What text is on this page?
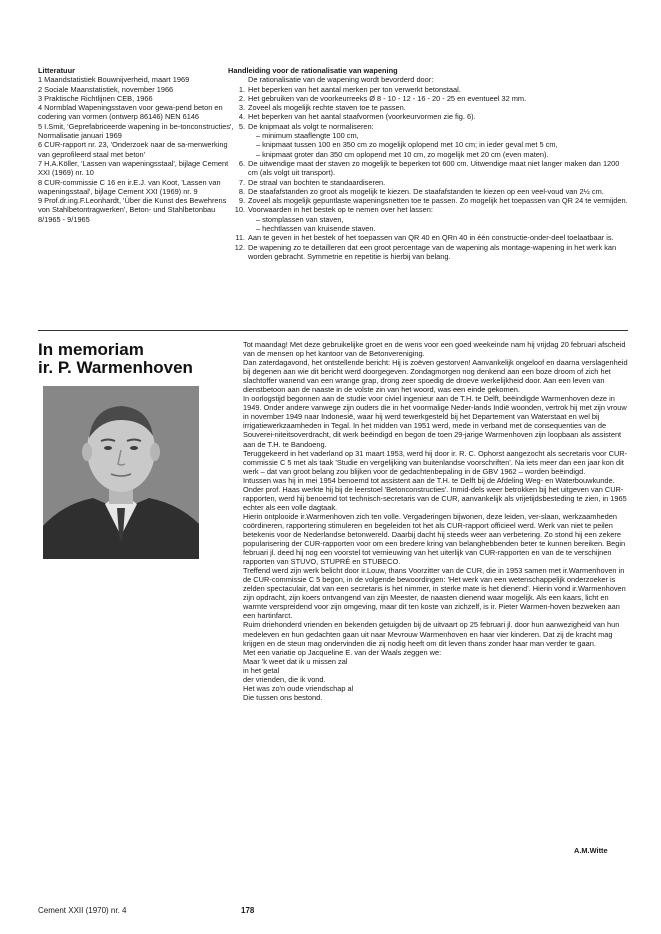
Litteratuur

1 Maandstatistiek Bouwnijverheid, maart 1969

2 Sociale Maanstatistiek, november 1966

3 Praktische Richtlijnen CEB, 1966

4 Normblad Wapeningsstaven voor gewa-pend beton en codering van vormen (ontwerp 86146) NEN 6146

5 I.Smit, 'Geprefabriceerde wapening in be-tonconstructies', Normalisatie januari 1969

6 CUR-rapport nr. 23, 'Onderzoek naar de sa-menwerking van geprofileerd staal met beton'

7 H.A.Köller, 'Lassen van wapeningsstaal', bijlage Cement XXI (1969) nr. 10

8 CUR-commissie C 16 en ir.E.J. van Koot, 'Lassen van wapeningsstaal', bijlage Cement XXI (1969) nr. 9

9 Prof.dr.ing.F.Leonhardt, 'Über die Kunst des Bewehrens von Stahlbetontragwerken', Beton- und Stahlbetonbau 8/1965 - 9/1965

Handleiding voor de rationalisatie van wapening

De rationalisatie van de wapening wordt bevorderd door:

1. Het beperken van het aantal merken per ton verwerkt betonstaal.
2. Het gebruiken van de voorkeurreeks Ø 8 - 10 - 12 - 16 - 20 - 25 en eventueel 32 mm.
3. Zoveel als mogelijk rechte staven toe te passen.
4. Het beperken van het aantal staafvormen (voorkeurvormen zie fig. 6).
5. De knipmaat als volgt te normaliseren:
– minimum staaflengte 100 cm,
– knipmaat tussen 100 en 350 cm zo mogelijk oplopend met 10 cm; in ieder geval met 5 cm,
– knipmaat groter dan 350 cm oplopend met 10 cm, zo mogelijk met 20 cm (even maten).
6. De uitwendige maat der staven zo mogelijk te beperken tot 600 cm. Uitwendige maat niet langer maken dan 1200 cm (als volgt uit transport).
7. De straal van bochten te standaardiseren.
8. De staafafstanden zo groot als mogelijk te kiezen. De staafafstanden te kiezen op een veel-voud van 2½ cm.
9. Zoveel als mogelijk gepuntlaste wapeningsnetten toe te passen. Zo mogelijk het toepassen van QR 24 te vermijden.
10. Voorwaarden in het bestek op te nemen over het lassen:
– stomplassen van staven,
– hechtlassen van kruisende staven.
11. Aan te geven in het bestek of het toepassen van QR 40 en QRn 40 in één constructie-onder-deel toelaatbaar is.
12. De wapening zo te detailleren dat een groot percentage van de wapening als montage-wapening in het werk kan worden gebracht. Symmetrie en repetitie is hierbij van belang.
In memoriam
ir. P. Warmenhoven

Tot maandag! Met deze gebruikelijke groet en de wens voor een goed weekeinde nam hij vrijdag 20 februari afscheid van de mensen op het kantoor van de Betonvereniging.

Dan zaterdagavond, het ontstellende bericht: Hij is zoëven gestorven! Aanvankelijk ongeloof en daarna verslagenheid bij degenen aan wie dit bericht werd doorgegeven. Zondagmorgen nog denkend aan een boze droom of zich het slachtoffer wanend van een wrange grap, drong zeer spoedig de droeve werkelijkheid door. Aan een leven van dienstbetoon aan de naaste in de volste zin van het woord, was een einde gekomen.

In oorlogstijd begonnen aan de studie voor civiel ingenieur aan de T.H. te Delft, beëindigde Warmenhoven deze in 1949. Onder andere vanwege zijn ouders die in het voormalige Neder-lands Indië woonden, vertrok hij met zijn vrouw in november 1949 naar Indonesië, waar hij werd tewerkgesteld bij het Departement van Waterstaat en wel bij irrigatiewerkzaamheden in Tegal. In het midden van 1951 werd, mede in verband met de consequenties van de Souverei-niteitsoverdracht, dit werk beëindigd en begon de toen 29-jarige Warmenhoven zijn loopbaan als assistent aan de T.H. te Bandoeng.

Teruggekeerd in het vaderland op 31 maart 1953, werd hij door ir. R. C. Ophorst aangezocht als secretaris voor CUR-commissie C 5 met als taak 'Studie en vergelijking van buitenlandse voorschriften'. Na iets meer dan een jaar kon dit werk – dat van groot belang zou blijken voor de gedachtenbepaling in de GBV 1962 – worden beëindigd.

Intussen was hij in mei 1954 benoemd tot assistent aan de T.H. te Delft bij de Afdeling Weg- en Waterbouwkunde. Onder prof. Haas werkte hij bij de leerstoel 'Betonconstructies'. Inmid-dels weer betrokken bij het uitgeven van CUR-rapporten, werd hij benoemd tot technisch-secretaris van de CUR, aanvankelijk als vrijetijdsbesteding te zien, in 1965 echter als een volle dagtaak.

Hierin ontplooide ir.Warmenhoven zich ten volle. Vergaderingen bijwonen, deze leiden, ver-slaan, werkzaamheden coördineren, rapportering stimuleren en begeleiden tot het als CUR-rapport officieel werd. Werk van niet te peilen betekenis voor de Nederlandse betonwereld. Daarbij dacht hij steeds weer aan verbetering. Zo stond hij een zekere popularisering der CUR-rapporten voor om een bredere kring van belanghebbenden beter te kunnen bereiken. Begin februari jl. deed hij nog een voorstel tot vernieuwing van het uiterlijk van CUR-rapporten en van de te verschijnen rapporten van STUVO, STUPRÉ en STUBECO.

Treffend werd zijn werk belicht door ir.Louw, thans Voorzitter van de CUR, die in 1953 samen met ir.Warmenhoven in de CUR-commissie C 5 begon, in de volgende bewoordingen: 'Het werk van een wetenschappelijk onderzoeker is zelden spectaculair, dat van een secretaris is het nimmer, in sterke mate is het dienend'. Hierin vond ir.Warmenhoven zijn opdracht, zijn koers ontvangend van zijn Meester, de naasten dienend waar mogelijk. Als een kaars, licht en warmte verspreidend voor zijn omgeving, maar dit ten koste van zichzelf, is ir. Pieter Warmen-hoven bezweken aan een hartinfarct.

Ruim driehonderd vrienden en bekenden getuigden bij de uitvaart op 25 februari jl. door hun aanwezigheid van hun medeleven en hun gedachten gaan uit naar Mevrouw Warmenhoven en haar vier kinderen. Dat zij de kracht mag krijgen en de steun mag ondervinden die zij nodig heeft om dit leven thans zonder haar man verder te gaan.

Met een variatie op Jacqueline E. van der Waals zeggen we:

Maar 'k weet dat ik u missen zal

in het getal

der vrienden, die ik vond.

Het was zo'n oude vriendschap al

Die tussen ons bestond.

A.M.Witte
Cement XXII (1970) nr. 4	178
